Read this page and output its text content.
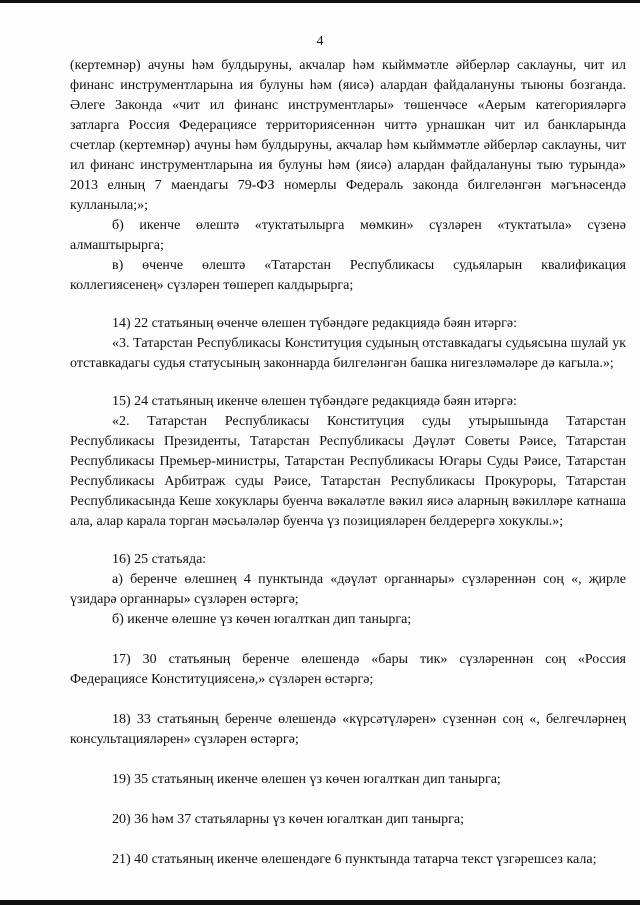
4

(кертемнәр) ачуны һәм булдыруны, акчалар һәм кыйммәтле әйберләр саклауны, чит ил финанс инструментларына ия булуны һәм (яисә) алардан файдалануны тыюны бозганда. Әлеге Законда «чит ил финанс инструментлары» төшенчәсе «Аерым категорияләргә затларга Россия Федерациясе территориясеннән читтә урнашкан чит ил банкларында счетлар (кертемнәр) ачуны һәм булдыруны, акчалар һәм кыйммәтле әйберләр саклауны, чит ил финанс инструментларына ия булуны һәм (яисә) алардан файдалануны тыю турында» 2013 елның 7 маендагы 79-ФЗ номерлы Федераль законда билгеләнгән мәгънәсендә кулланыла;»;

б) икенче өлештә «туктатылырга мөмкин» сүзләрен «туктатыла» сүзенә алмаштырырга;

в) өченче өлештә «Татарстан Республикасы судьяларын квалификация коллегиясенең» сүзләрен төшереп калдырырга;

14) 22 статьяның өченче өлешен түбәндәге редакциядә бәян итәргә:

«3. Татарстан Республикасы Конституция судының отставкадагы судьясына шулай ук отставкадагы судья статусының законнарда билгеләнгән башка нигезләмәләре дә кагыла.»;

15) 24 статьяның икенче өлешен түбәндәге редакциядә бәян итәргә:

«2. Татарстан Республикасы Конституция суды утырышында Татарстан Республикасы Президенты, Татарстан Республикасы Дәүләт Советы Рәисе, Татарстан Республикасы Премьер-министры, Татарстан Республикасы Югары Суды Рәисе, Татарстан Республикасы Арбитраж суды Рәисе, Татарстан Республикасы Прокуроры, Татарстан Республикасында Кеше хокуклары буенча вәкаләтле вәкил яисә аларның вәкилләре катнаша ала, алар карала торган мәсьәләләр буенча үз позицияләрен белдерергә хокуклы.»;

16) 25 статьяда:

а) беренче өлешнең 4 пунктында «дәүләт органнары» сүзләреннән соң «, җирле үзидарә органнары» сүзләрен өстәргә;

б) икенче өлешне үз көчен югалткан дип танырга;

17) 30 статьяның беренче өлешендә «бары тик» сүзләреннән соң «Россия Федерациясе Конституциясенә,» сүзләрен өстәргә;

18) 33 статьяның беренче өлешендә «күрсәтүләрен» сүзеннән соң «, белгечләрнең консультацияләрен» сүзләрен өстәргә;

19) 35 статьяның икенче өлешен үз көчен югалткан дип танырга;

20) 36 һәм 37 статьяларны үз көчен югалткан дип танырга;

21) 40 статьяның икенче өлешендәге 6 пунктында татарча текст үзгәрешсез кала;
